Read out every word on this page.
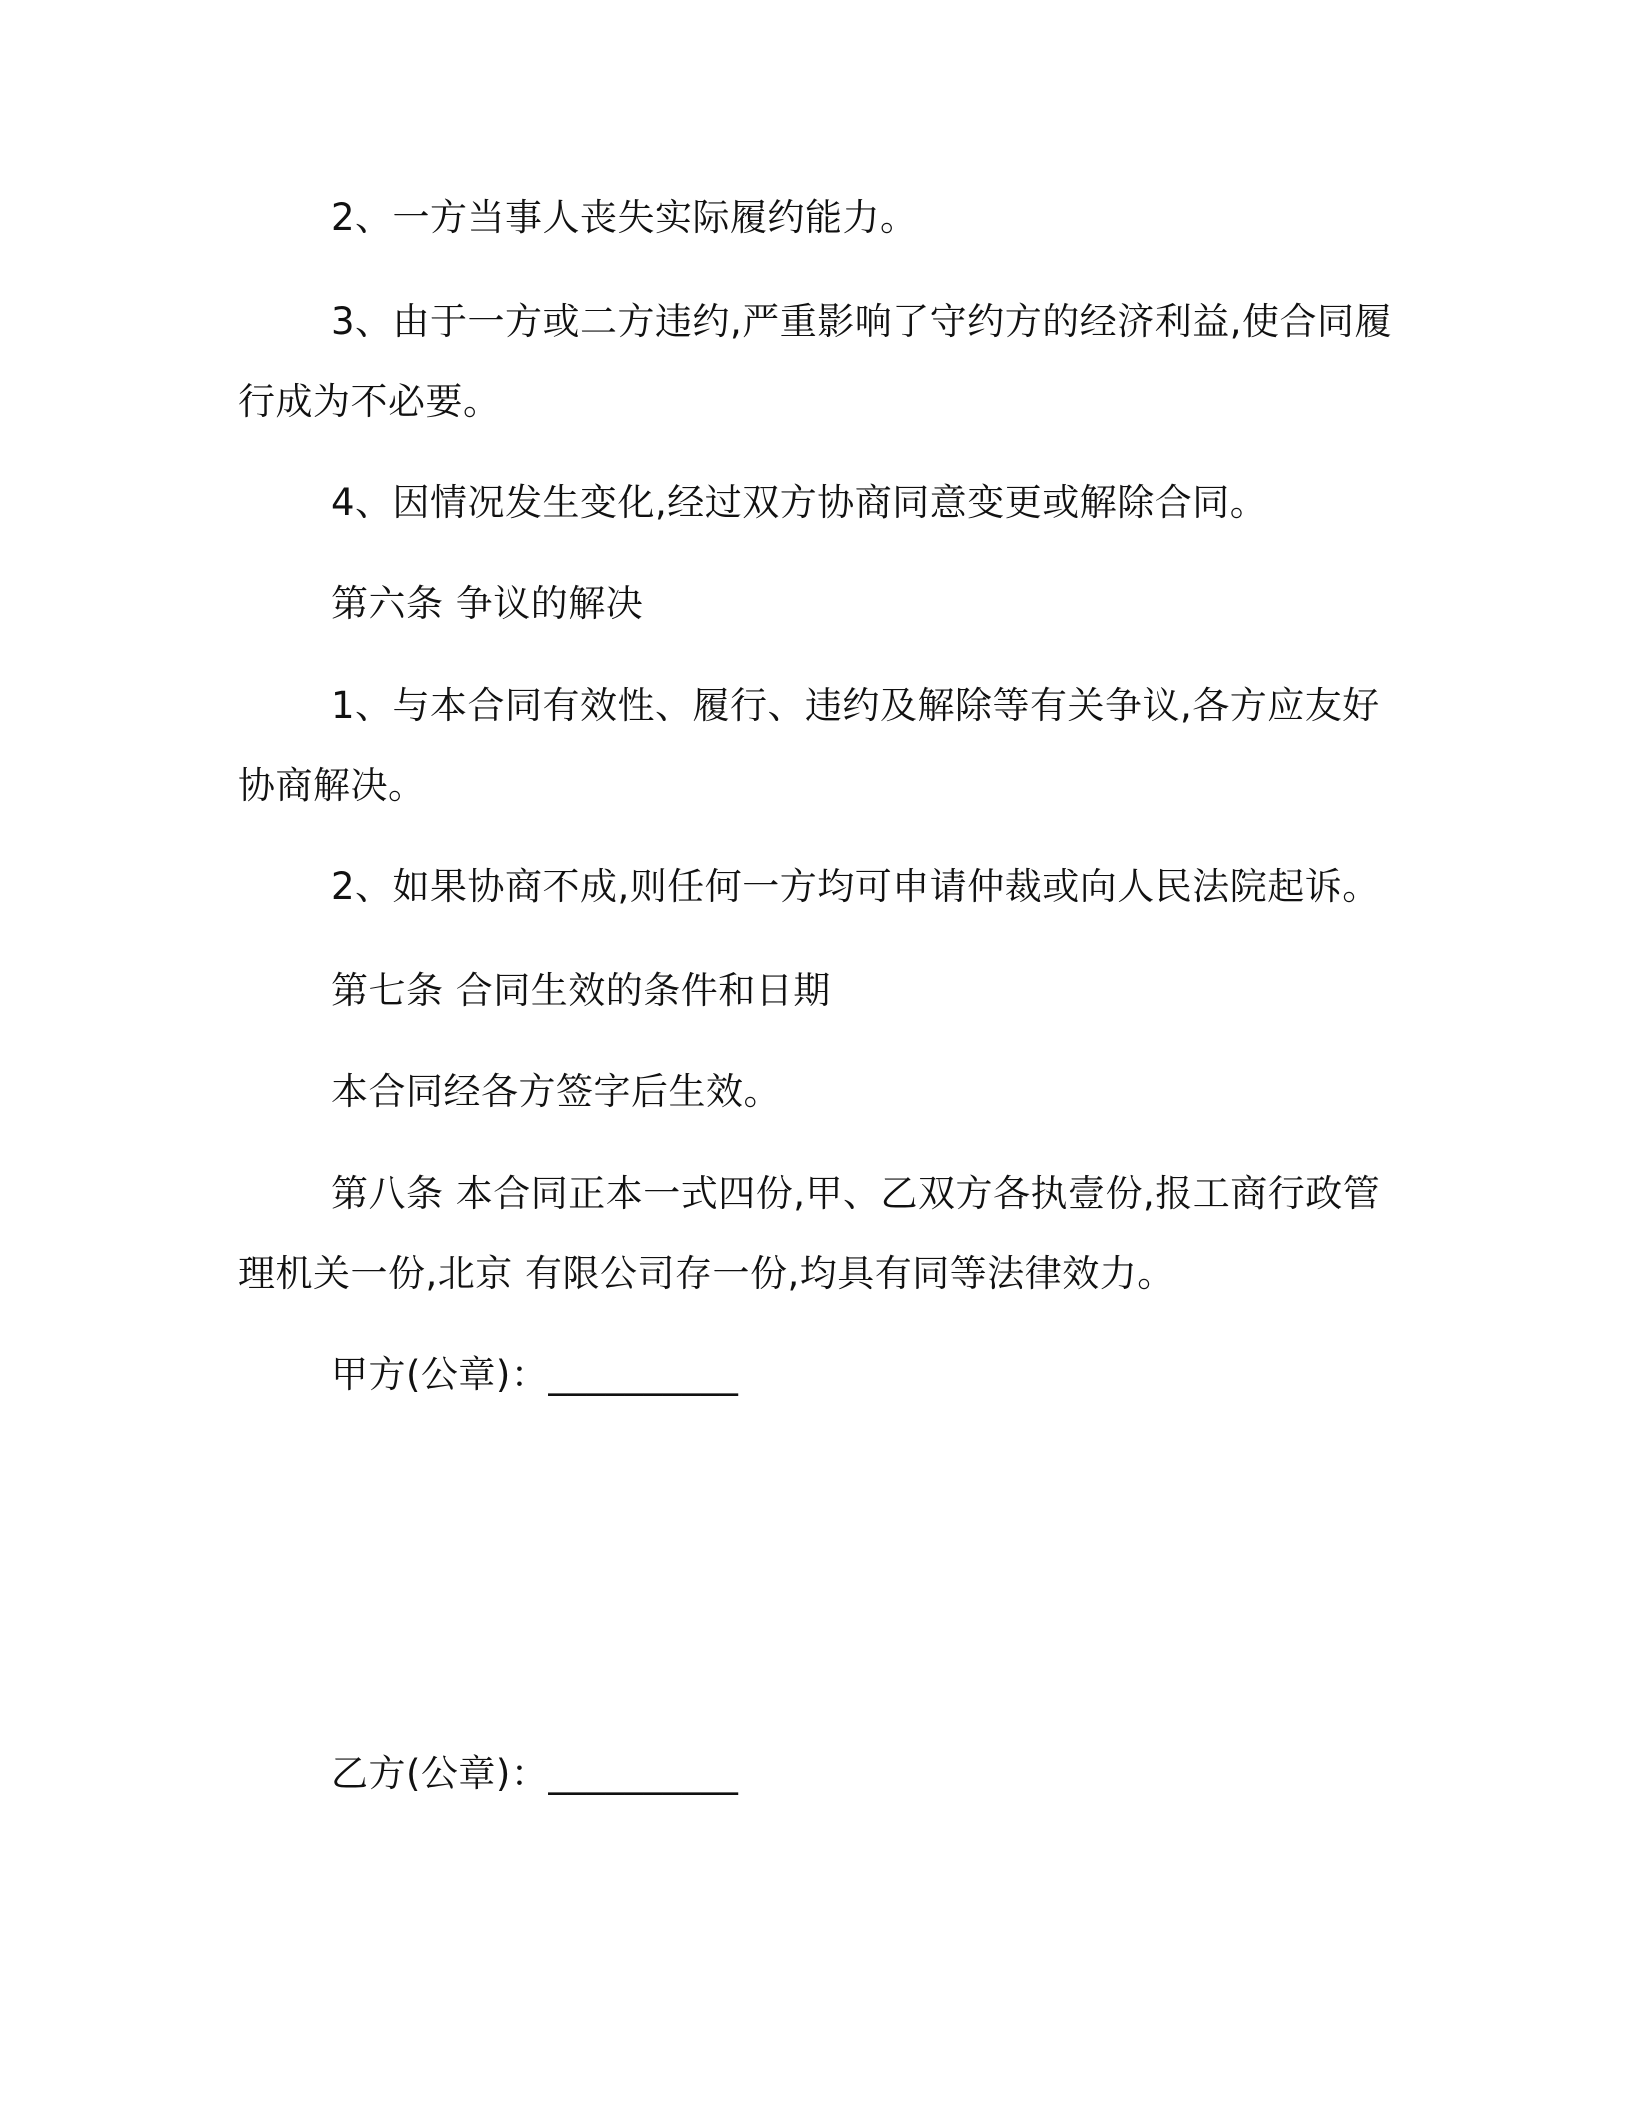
2、一方当事人丧失实际履约能力。
3、由于一方或二方违约,严重影响了守约方的经济利益,使合同履
行成为不必要。
4、因情况发生变化,经过双方协商同意变更或解除合同。
第六条 争议的解决
1、与本合同有效性、履行、违约及解除等有关争议,各方应友好
协商解决。
2、如果协商不成,则任何一方均可申请仲裁或向人民法院起诉。
第七条 合同生效的条件和日期
本合同经各方签字后生效。
第八条 本合同正本一式四份,甲、乙双方各执壹份,报工商行政管
理机关一份,北京 有限公司存一份,均具有同等法律效力。
甲方(公章)：__________
乙方(公章)：__________
